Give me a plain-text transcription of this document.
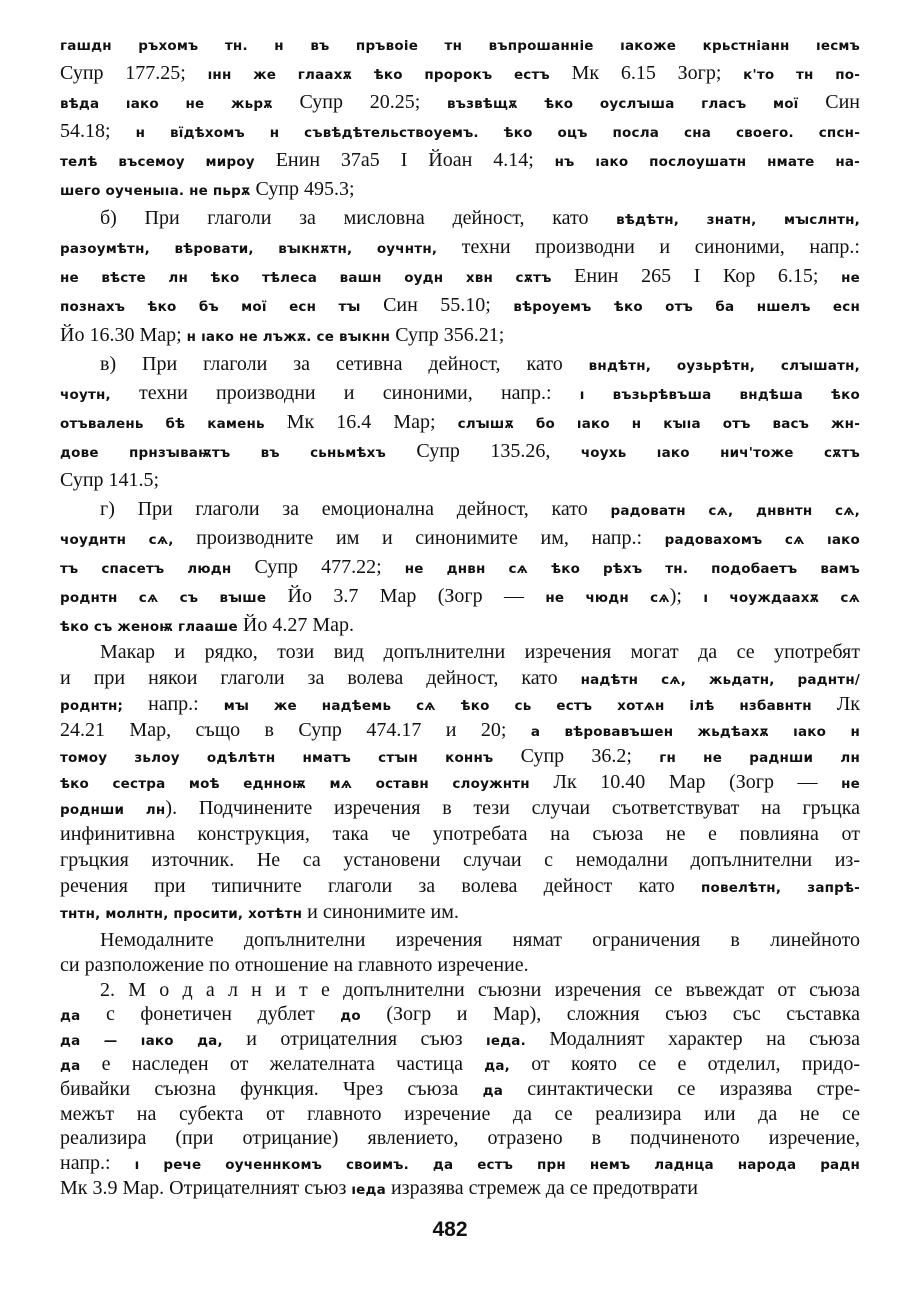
гашдн ръхомъ тн. н въ пръвоіе тн въпрошанніе ıакоже крьстніанн ıесмъ
Супр 177.25; ıнн же глаахѫ ѣко пророкъ естъ Мк 6.15 Зогр; к'то тн по-
вѣда ıако не жьрѫ Супр 20.25; възвѣщѫ ѣко оуслꙑша гласъ мої Син
54.18; н вїдѣхомъ н съвѣдѣтельствоуемъ. ѣко оцъ посла сна своего. спсн-
телѣ въсемоу мироу Енин 37а5 I Йоан 4.14; нъ ıако послоушатн нмате на-
шего оученыıа. не пьрѫ Супр 495.3;
б) При глаголи за мисловна дейност, като вѣдѣтн, знатн, мꙑслнтн,
разоумѣтн, вѣровати, вꙑкнѫтн, оучнтн, техни производни и синоними, напр.:
не вѣсте лн ѣко тѣлеса вашн оудн хвн сѫтъ Енин 265 I Кор 6.15; не
познахъ ѣко бъ мої есн тꙑ Син 55.10; вѣроуемъ ѣко отъ ба ншелъ есн
Йо 16.30 Мар; н ıако не лъжѫ. се вꙑкнн Супр 356.21;
в) При глаголи за сетивна дейност, като вндѣтн, оузьрѣтн, слꙑшатн,
чоутн, техни производни и синоними, напр.: ı възьрѣвъша вндѣша ѣко
отъвалень бѣ камень Мк 16.4 Мар; слꙑшѫ бо ıако н кꙑıа отъ васъ жн-
дове прнзꙑваѭтъ въ сьньмѣхъ Супр 135.26, чоухь ıако нич'тоже сѫтъ
Супр 141.5;
г) При глаголи за емоционална дейност, като радоватн сѧ, днвнтн сѧ,
чоуднтн сѧ, производните им и синонимите им, напр.: радовахомъ сѧ ıако
тъ спасетъ людн Супр 477.22; не днвн сѧ ѣко рѣхъ тн. подобаетъ вамъ
роднтн сѧ съ вꙑше Йо 3.7 Мар (Зогр — не чюдн сѧ); ı чоуждаахѫ сѧ
ѣко съ женоѭ глааше Йо 4.27 Мар.
Макар и рядко, този вид допълнителни изречения могат да се употребят
и при някои глаголи за волева дейност, като надѣтн сѧ, жьдатн, раднтн/
роднтн; напр.: мꙑ же надѣемь сѧ ѣко сь естъ хотѧн ілѣ нзбавнтн Лк
24.21 Мар, също в Супр 474.17 и 20; а вѣровавъшен жьдѣахѫ ıако н
томоу зьлоу одѣлѣтн нматъ стꙑн коннъ Супр 36.2; гн не раднши лн
ѣко сестра моѣ еднноѭ мѧ оставн слоужнтн Лк 10.40 Мар (Зогр — не
роднши лн). Подчинените изречения в тези случаи съответствуват на гръцка
инфинитивна конструкция, така че употребата на съюза не е повлияна от
гръцкия източник. Не са установени случаи с немодални допълнителни из-
речения при типичните глаголи за волева дейност като повелѣтн, запрѣ-
тнтн, молнтн, просити, хотѣтн и синонимите им.
Немодалните допълнителни изречения нямат ограничения в линейното
си разположение по отношение на главното изречение.
2. М о д а л н и т е допълнителни съюзни изречения се въвеждат от съюза
да с фонетичен дублет до (Зогр и Мар), сложния съюз със съставка
да — ıако да, и отрицателния съюз ıеда. Модалният характер на съюза
да е наследен от желателната частица да, от която се е отделил, придо-
бивайки съюзна функция. Чрез съюза да синтактически се изразява стре-
межът на субекта от главното изречение да се реализира или да не се
реализира (при отрицание) явлението, отразено в подчиненото изречение,
напр.: ı рече оученнкомъ своимъ. да естъ прн немъ ладнца народа радн
Мк 3.9 Мар. Отрицателният съюз ıеда изразява стремеж да се предотврати
482
